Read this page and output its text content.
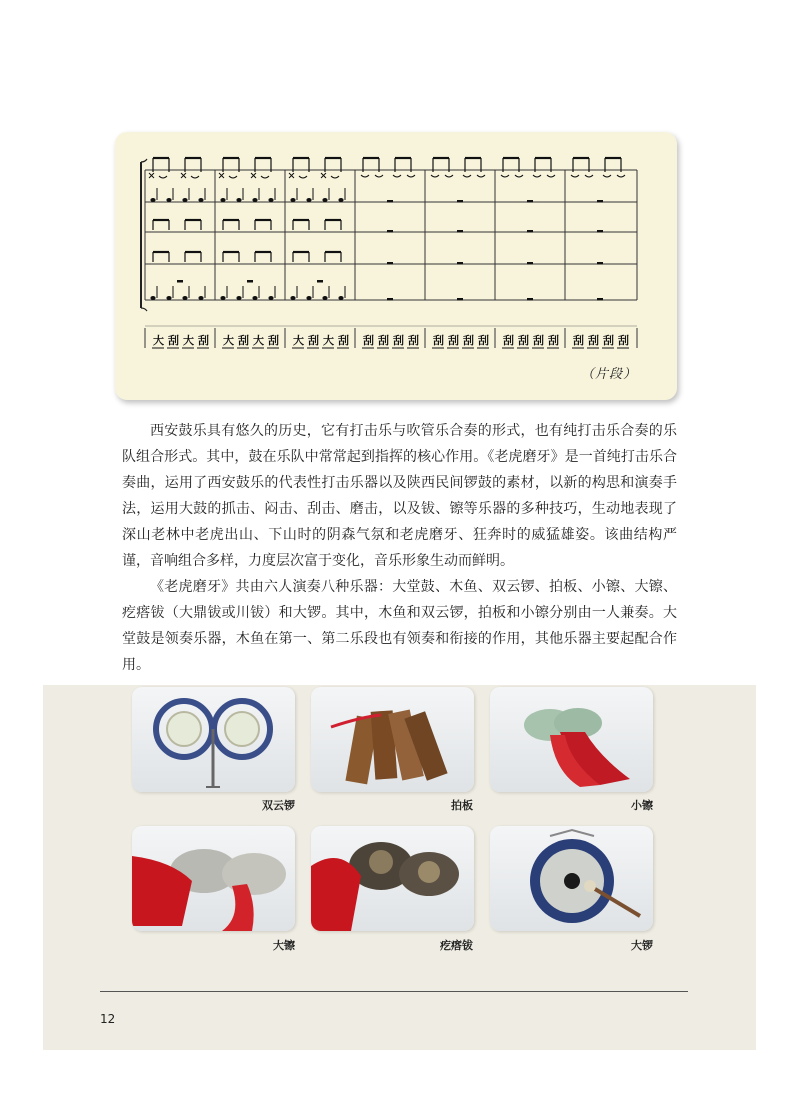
大 刮 大 刮 大 刮 大 刮 大 刮 大 刮 刮 刮 刮 刮 刮 刮 刮 刮 刮 刮 刮 刮 刮 刮 刮 刮
（片段）

西安鼓乐具有悠久的历史，它有打击乐与吹管乐合奏的形式，也有纯打击乐合奏的乐队组合形式。其中，鼓在乐队中常常起到指挥的核心作用。《老虎磨牙》是一首纯打击乐合奏曲，运用了西安鼓乐的代表性打击乐器以及陕西民间锣鼓的素材，以新的构思和演奏手法，运用大鼓的抓击、闷击、刮击、磨击，以及钹、镲等乐器的多种技巧，生动地表现了深山老林中老虎出山、下山时的阴森气氛和老虎磨牙、狂奔时的威猛雄姿。该曲结构严谨，音响组合多样，力度层次富于变化，音乐形象生动而鲜明。

《老虎磨牙》共由六人演奏八种乐器：大堂鼓、木鱼、双云锣、拍板、小镲、大镲、疙瘩钹（大鼎钹或川钹）和大锣。其中，木鱼和双云锣，拍板和小镲分别由一人兼奏。大堂鼓是领奏乐器，木鱼在第一、第二乐段也有领奏和衔接的作用，其他乐器主要起配合作用。

双云锣	拍板	小镲
大镲	疙瘩钹	大锣
12
